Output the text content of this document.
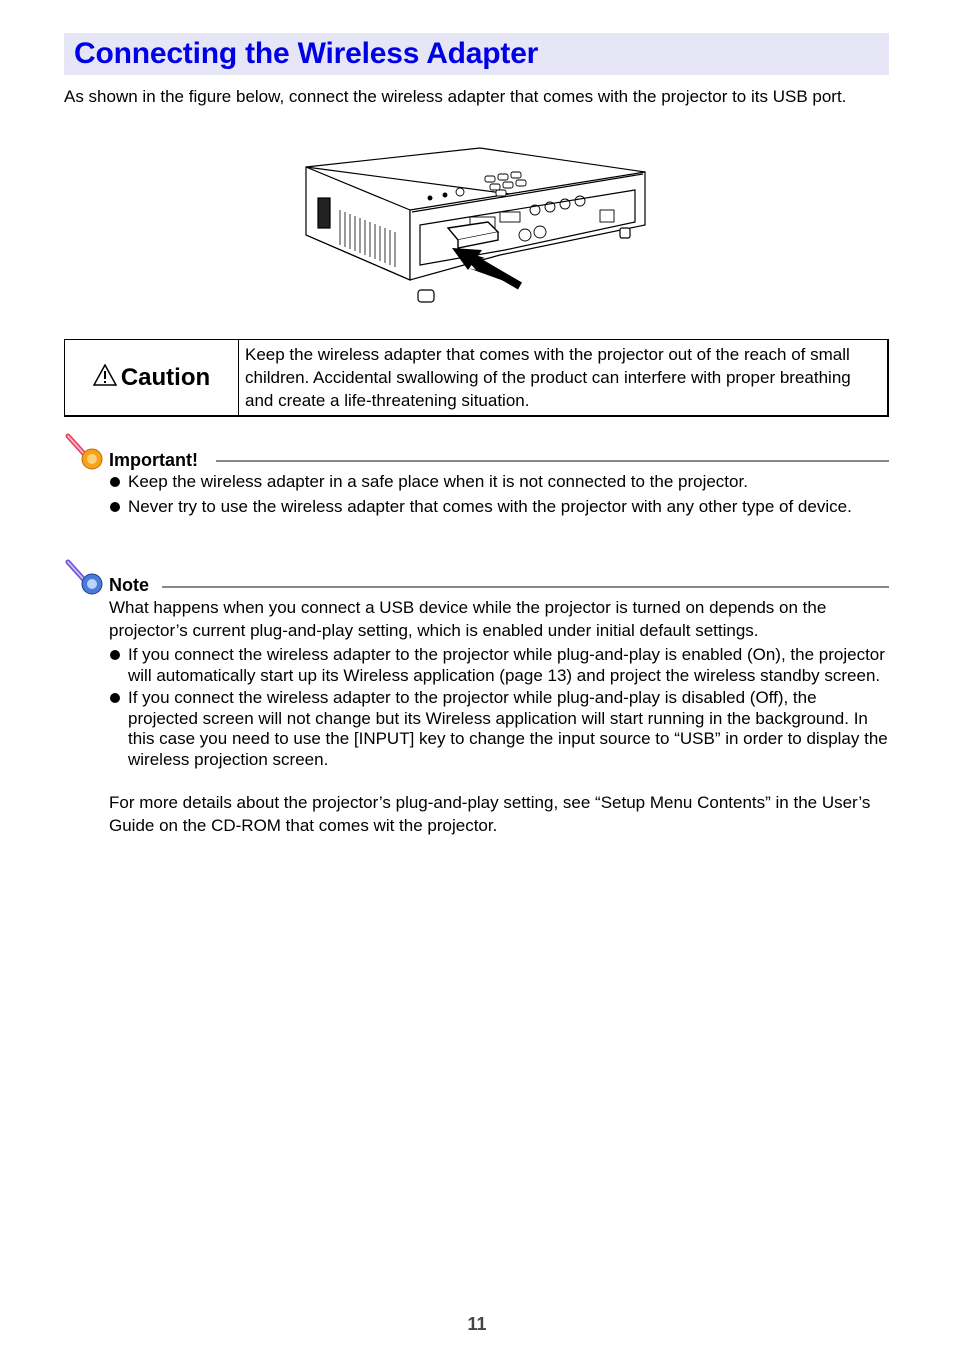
Connecting the Wireless Adapter
As shown in the figure below, connect the wireless adapter that comes with the projector to its USB port.
Caution
Keep the wireless adapter that comes with the projector out of the reach of small children. Accidental swallowing of the product can interfere with proper breathing and create a life-threatening situation.
Important!
Keep the wireless adapter in a safe place when it is not connected to the projector.
Never try to use the wireless adapter that comes with the projector with any other type of device.
Note
What happens when you connect a USB device while the projector is turned on depends on the projector’s current plug-and-play setting, which is enabled under initial default settings.
If you connect the wireless adapter to the projector while plug-and-play is enabled (On), the projector will automatically start up its Wireless application (page 13) and project the wireless standby screen.
If you connect the wireless adapter to the projector while plug-and-play is disabled (Off), the projected screen will not change but its Wireless application will start running in the background. In this case you need to use the [INPUT] key to change the input source to “USB” in order to display the wireless projection screen.
For more details about the projector’s plug-and-play setting, see “Setup Menu Contents” in the User’s Guide on the CD-ROM that comes wit the projector.
11
